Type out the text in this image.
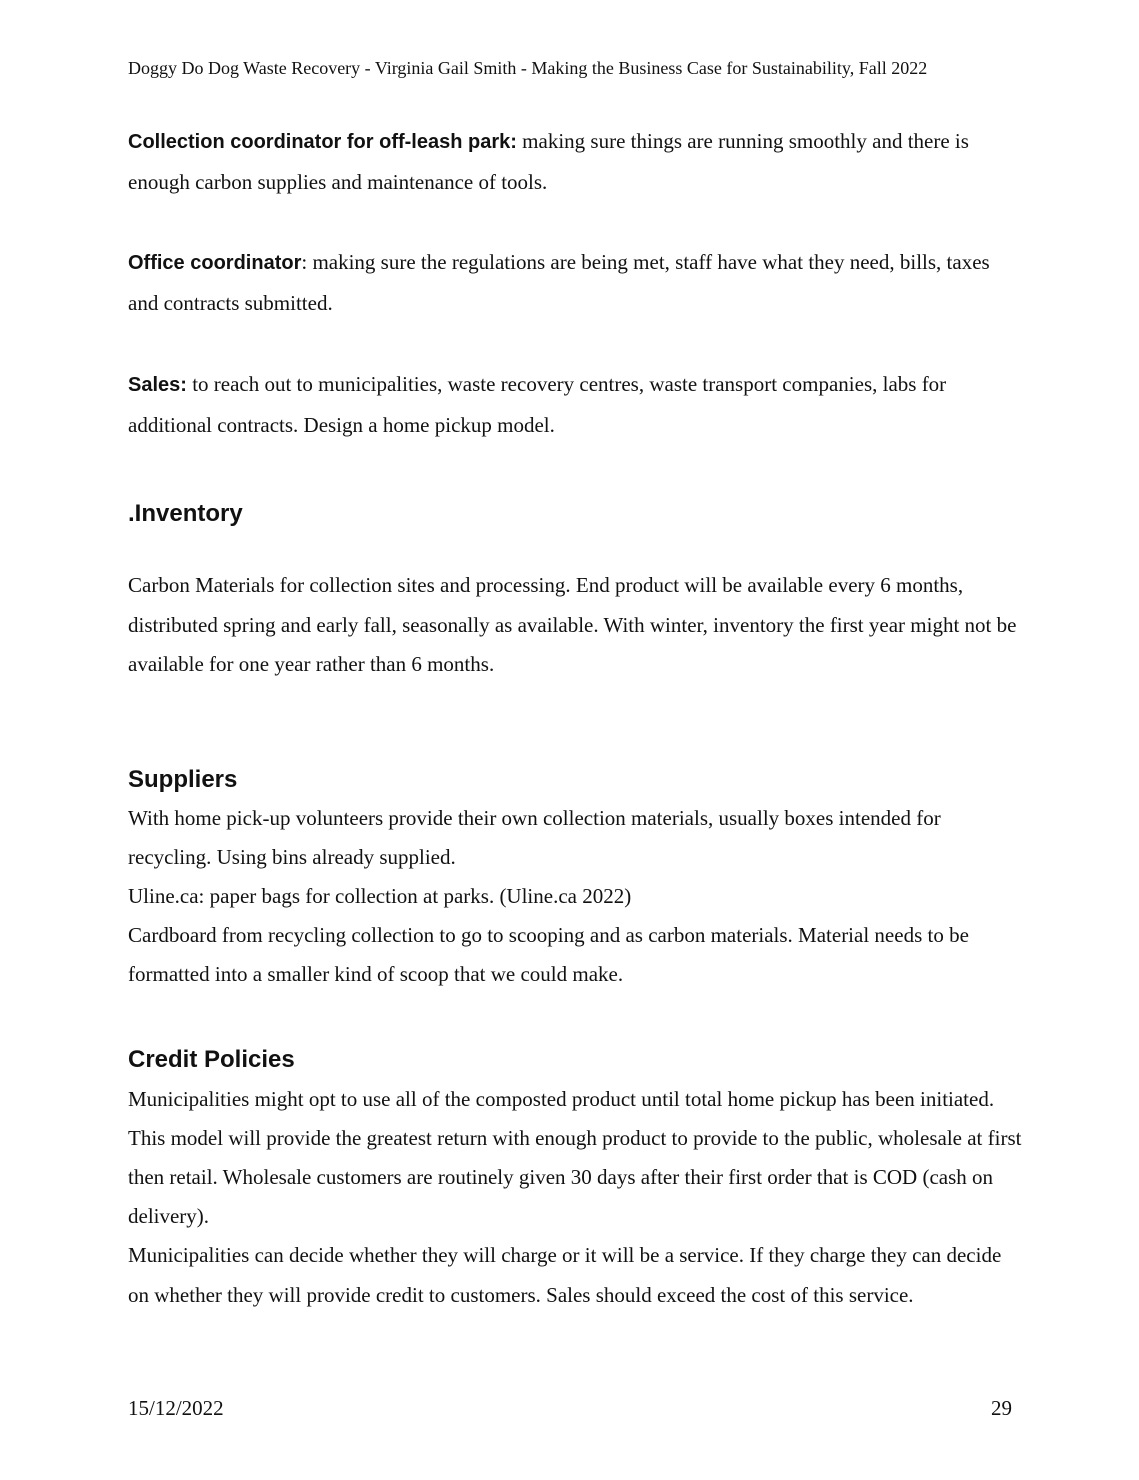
Doggy Do Dog Waste Recovery - Virginia Gail Smith - Making the Business Case for Sustainability, Fall 2022

Collection coordinator for off-leash park: making sure things are running smoothly and there is enough carbon supplies and maintenance of tools.

Office coordinator: making sure the regulations are being met, staff have what they need, bills, taxes and contracts submitted.

Sales: to reach out to municipalities, waste recovery centres, waste transport companies, labs for additional contracts. Design a home pickup model.

.Inventory

Carbon Materials for collection sites and processing. End product will be available every 6 months, distributed spring and early fall, seasonally as available. With winter, inventory the first year might not be available for one year rather than 6 months.

Suppliers
With home pick-up volunteers provide their own collection materials, usually boxes intended for recycling. Using bins already supplied.
Uline.ca: paper bags for collection at parks. (Uline.ca 2022)
Cardboard from recycling collection to go to scooping and as carbon materials. Material needs to be formatted into a smaller kind of scoop that we could make.
Credit Policies
Municipalities might opt to use all of the composted product until total home pickup has been initiated. This model will provide the greatest return with enough product to provide to the public, wholesale at first then retail. Wholesale customers are routinely given 30 days after their first order that is COD (cash on delivery).
Municipalities can decide whether they will charge or it will be a service. If they charge they can decide on whether they will provide credit to customers. Sales should exceed the cost of this service.
15/12/2022	29
